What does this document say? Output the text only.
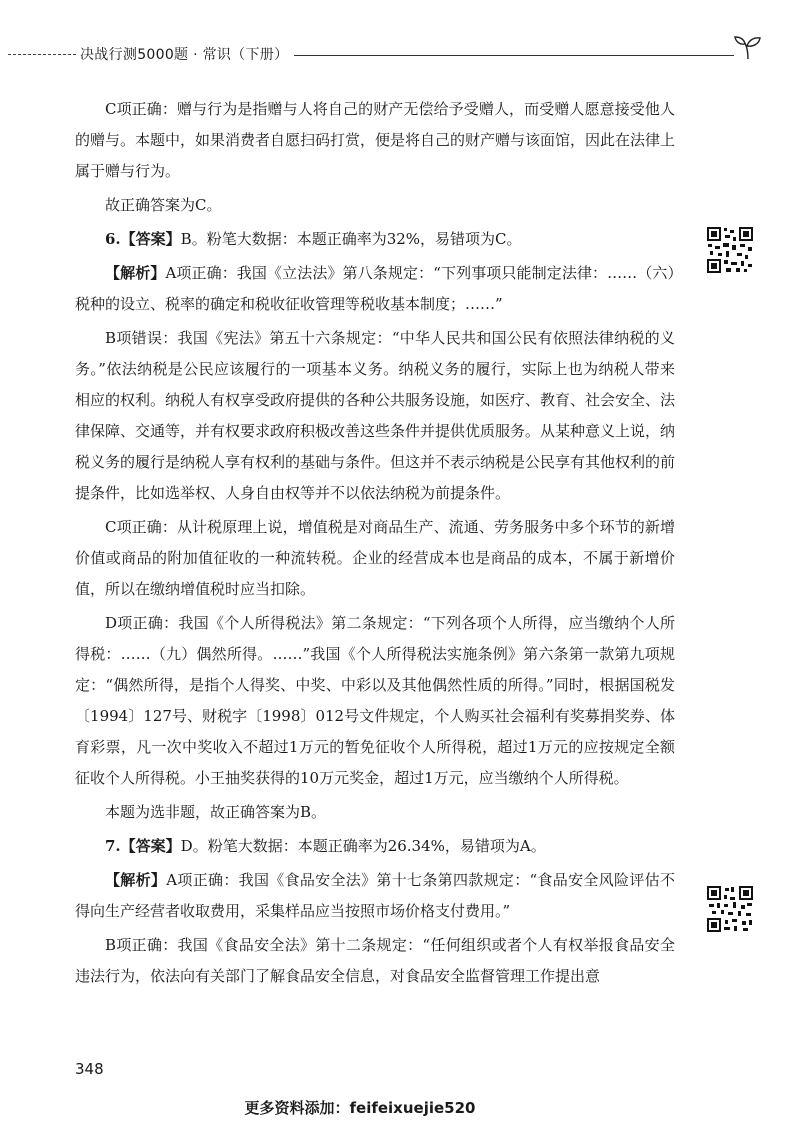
决战行测5000题 · 常识（下册）

C项正确：赠与行为是指赠与人将自己的财产无偿给予受赠人，而受赠人愿意接受他人的赠与。本题中，如果消费者自愿扫码打赏，便是将自己的财产赠与该面馆，因此在法律上属于赠与行为。

故正确答案为C。

6.【答案】B。粉笔大数据：本题正确率为32%，易错项为C。

【解析】A项正确：我国《立法法》第八条规定：“下列事项只能制定法律：……（六）税种的设立、税率的确定和税收征收管理等税收基本制度；……”

B项错误：我国《宪法》第五十六条规定：“中华人民共和国公民有依照法律纳税的义务。”依法纳税是公民应该履行的一项基本义务。纳税义务的履行，实际上也为纳税人带来相应的权利。纳税人有权享受政府提供的各种公共服务设施，如医疗、教育、社会安全、法律保障、交通等，并有权要求政府积极改善这些条件并提供优质服务。从某种意义上说，纳税义务的履行是纳税人享有权利的基础与条件。但这并不表示纳税是公民享有其他权利的前提条件，比如选举权、人身自由权等并不以依法纳税为前提条件。

C项正确：从计税原理上说，增值税是对商品生产、流通、劳务服务中多个环节的新增价值或商品的附加值征收的一种流转税。企业的经营成本也是商品的成本，不属于新增价值，所以在缴纳增值税时应当扣除。

D项正确：我国《个人所得税法》第二条规定：“下列各项个人所得，应当缴纳个人所得税：……（九）偶然所得。……”我国《个人所得税法实施条例》第六条第一款第九项规定：“偶然所得，是指个人得奖、中奖、中彩以及其他偶然性质的所得。”同时，根据国税发〔1994〕127号、财税字〔1998〕012号文件规定，个人购买社会福利有奖募捐奖券、体育彩票，凡一次中奖收入不超过1万元的暂免征收个人所得税，超过1万元的应按规定全额征收个人所得税。小王抽奖获得的10万元奖金，超过1万元，应当缴纳个人所得税。

本题为选非题，故正确答案为B。

7.【答案】D。粉笔大数据：本题正确率为26.34%，易错项为A。

【解析】A项正确：我国《食品安全法》第十七条第四款规定：“食品安全风险评估不得向生产经营者收取费用，采集样品应当按照市场价格支付费用。”

B项正确：我国《食品安全法》第十二条规定：“任何组织或者个人有权举报食品安全违法行为，依法向有关部门了解食品安全信息，对食品安全监督管理工作提出意

348
更多资料添加：feifeixuejie520
